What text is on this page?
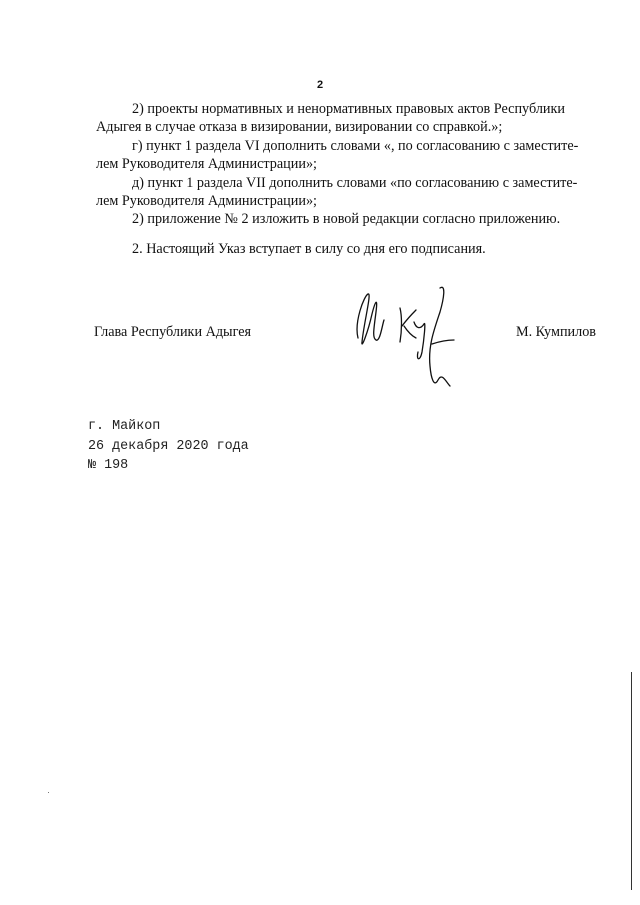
2

2) проекты нормативных и ненормативных правовых актов Республики

Адыгея в случае отказа в визировании, визировании со справкой.»;

г) пункт 1 раздела VI дополнить словами «, по согласованию с заместите-

лем Руководителя Администрации»;

д) пункт 1 раздела VII дополнить словами «по согласованию с заместите-

лем Руководителя Администрации»;

2) приложение № 2 изложить в новой редакции согласно приложению.

2. Настоящий Указ вступает в силу со дня его подписания.

Глава Республики Адыгея	М. Кумпилов
г. Майкоп
26 декабря 2020 года
№ 198
